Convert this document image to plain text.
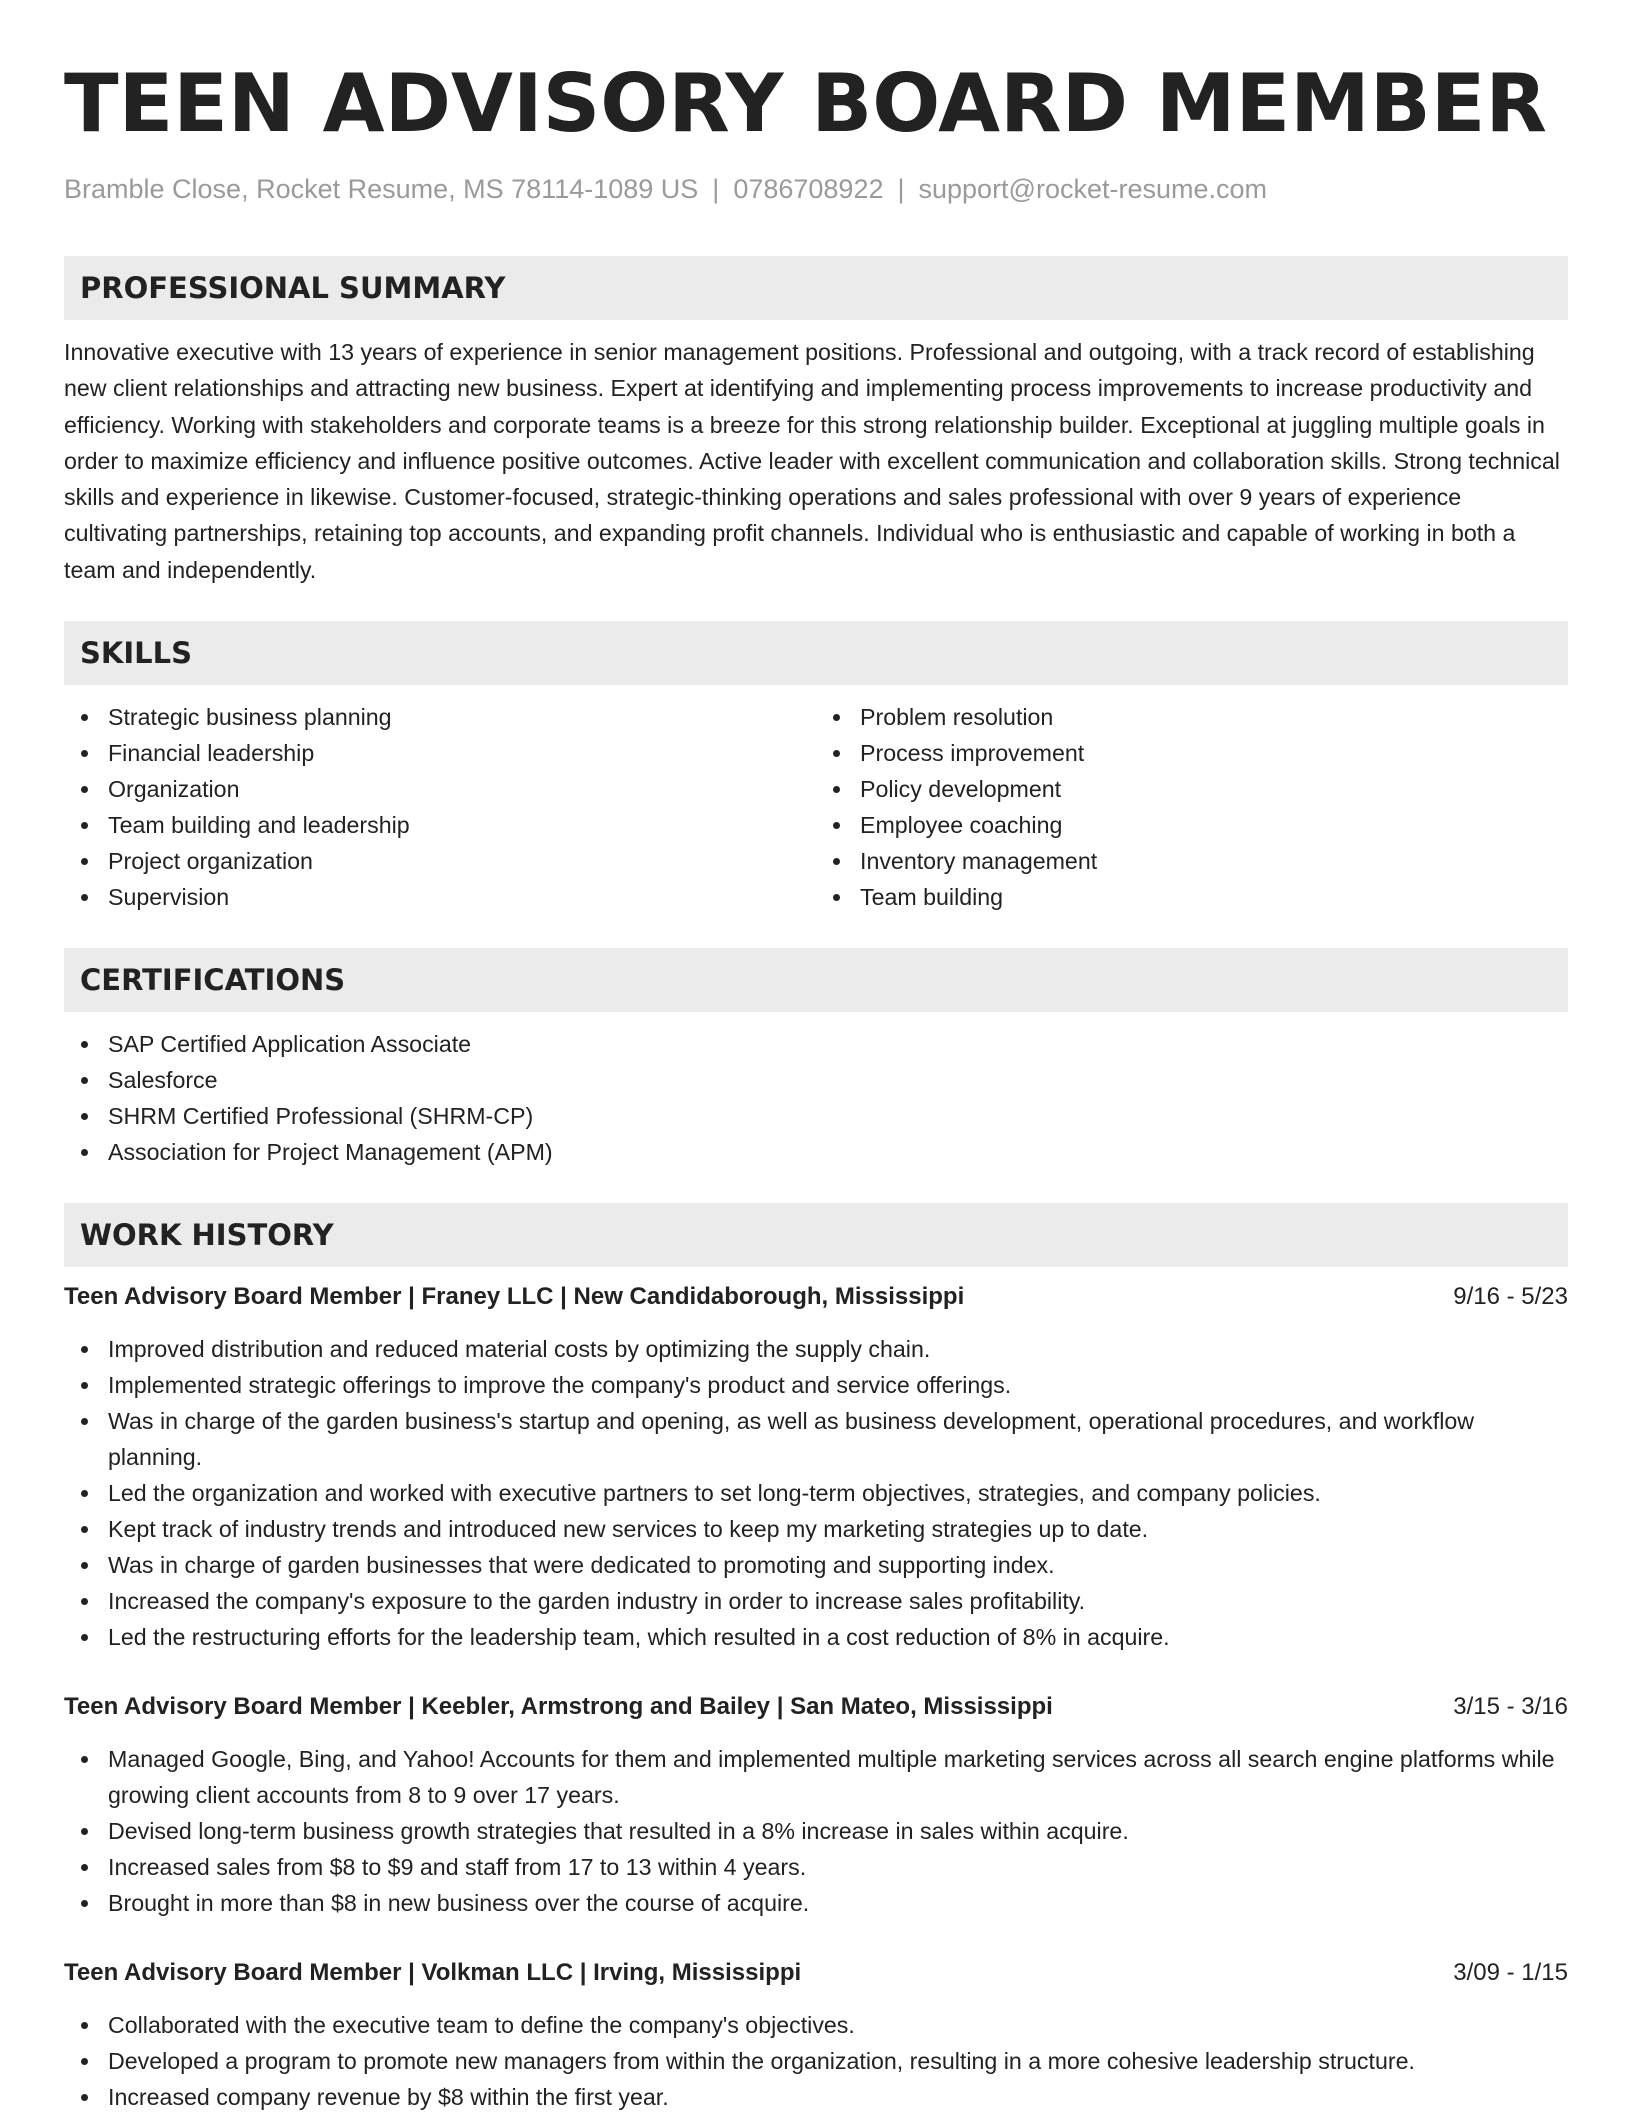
TEEN ADVISORY BOARD MEMBER
Bramble Close, Rocket Resume, MS 78114-1089 US | 0786708922 | support@rocket-resume.com
PROFESSIONAL SUMMARY
Innovative executive with 13 years of experience in senior management positions. Professional and outgoing, with a track record of establishing new client relationships and attracting new business. Expert at identifying and implementing process improvements to increase productivity and efficiency. Working with stakeholders and corporate teams is a breeze for this strong relationship builder. Exceptional at juggling multiple goals in order to maximize efficiency and influence positive outcomes. Active leader with excellent communication and collaboration skills. Strong technical skills and experience in likewise. Customer-focused, strategic-thinking operations and sales professional with over 9 years of experience cultivating partnerships, retaining top accounts, and expanding profit channels. Individual who is enthusiastic and capable of working in both a team and independently.
SKILLS
Strategic business planning
Financial leadership
Organization
Team building and leadership
Project organization
Supervision
Problem resolution
Process improvement
Policy development
Employee coaching
Inventory management
Team building
CERTIFICATIONS
SAP Certified Application Associate
Salesforce
SHRM Certified Professional (SHRM-CP)
Association for Project Management (APM)
WORK HISTORY
Teen Advisory Board Member | Franey LLC | New Candidaborough, Mississippi	9/16 - 5/23
Improved distribution and reduced material costs by optimizing the supply chain.
Implemented strategic offerings to improve the company's product and service offerings.
Was in charge of the garden business's startup and opening, as well as business development, operational procedures, and workflow planning.
Led the organization and worked with executive partners to set long-term objectives, strategies, and company policies.
Kept track of industry trends and introduced new services to keep my marketing strategies up to date.
Was in charge of garden businesses that were dedicated to promoting and supporting index.
Increased the company's exposure to the garden industry in order to increase sales profitability.
Led the restructuring efforts for the leadership team, which resulted in a cost reduction of 8% in acquire.
Teen Advisory Board Member | Keebler, Armstrong and Bailey | San Mateo, Mississippi	3/15 - 3/16
Managed Google, Bing, and Yahoo! Accounts for them and implemented multiple marketing services across all search engine platforms while growing client accounts from 8 to 9 over 17 years.
Devised long-term business growth strategies that resulted in a 8% increase in sales within acquire.
Increased sales from $8 to $9 and staff from 17 to 13 within 4 years.
Brought in more than $8 in new business over the course of acquire.
Teen Advisory Board Member | Volkman LLC | Irving, Mississippi	3/09 - 1/15
Collaborated with the executive team to define the company's objectives.
Developed a program to promote new managers from within the organization, resulting in a more cohesive leadership structure.
Increased company revenue by $8 within the first year.
